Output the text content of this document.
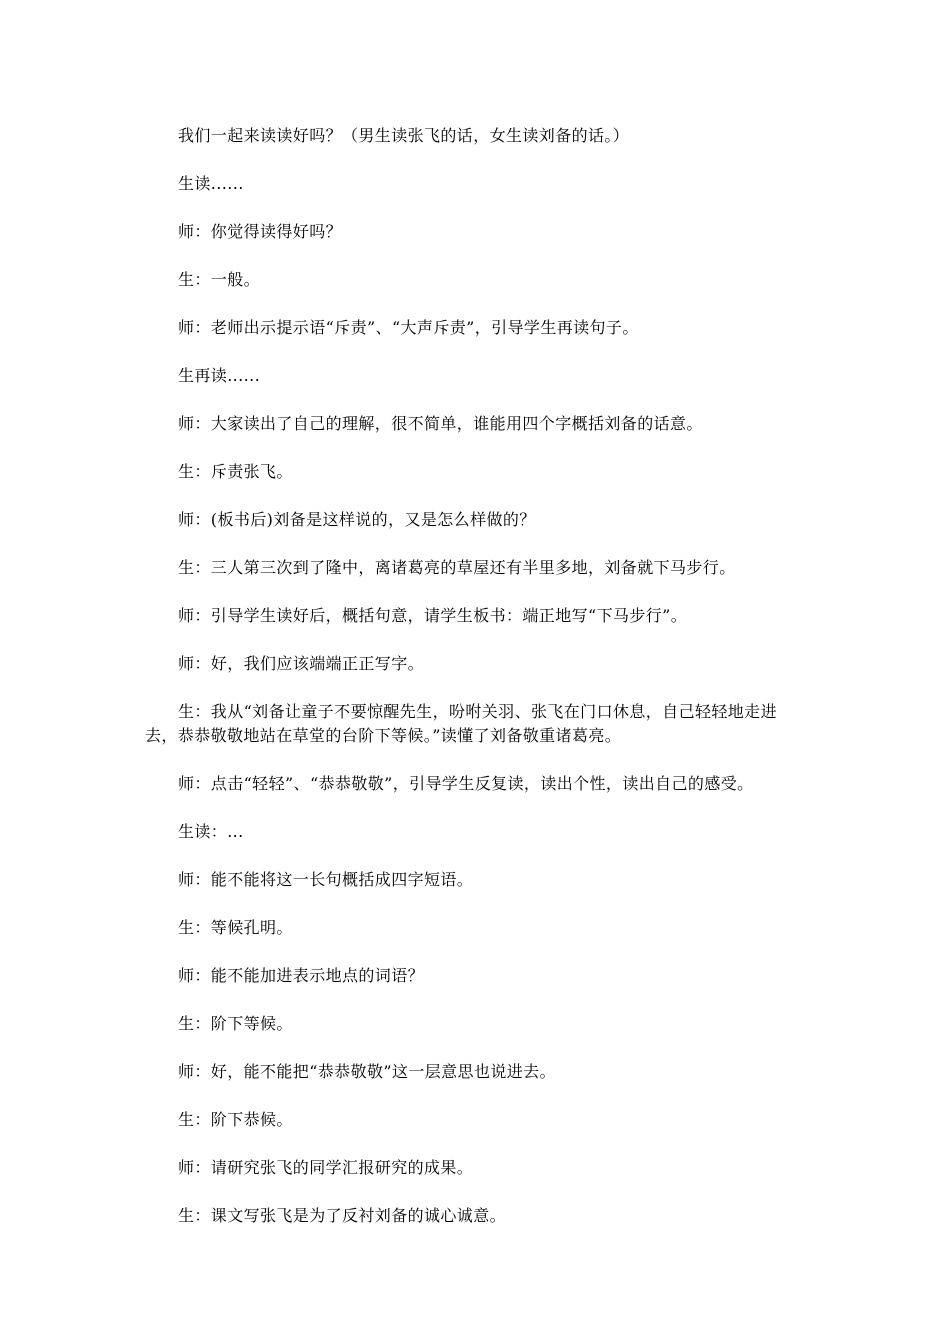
我们一起来读读好吗？（男生读张飞的话，女生读刘备的话。）

生读......

师：你觉得读得好吗？

生：一般。

师：老师出示提示语“斥责”、“大声斥责”，引导学生再读句子。

生再读......

师：大家读出了自己的理解，很不简单，谁能用四个字概括刘备的话意。

生：斥责张飞。

师：(板书后)刘备是这样说的，又是怎么样做的？

生：三人第三次到了隆中，离诸葛亮的草屋还有半里多地，刘备就下马步行。

师：引导学生读好后，概括句意，请学生板书：端正地写“下马步行”。

师：好，我们应该端端正正写字。

生：我从“刘备让童子不要惊醒先生，吩咐关羽、张飞在门口休息，自己轻轻地走进去，恭恭敬敬地站在草堂的台阶下等候。”读懂了刘备敬重诸葛亮。

师：点击“轻轻”、“恭恭敬敬”，引导学生反复读，读出个性，读出自己的感受。

生读：...

师：能不能将这一长句概括成四字短语。

生：等候孔明。

师：能不能加进表示地点的词语？

生：阶下等候。

师：好，能不能把“恭恭敬敬”这一层意思也说进去。

生：阶下恭候。

师：请研究张飞的同学汇报研究的成果。

生：课文写张飞是为了反衬刘备的诚心诚意。
